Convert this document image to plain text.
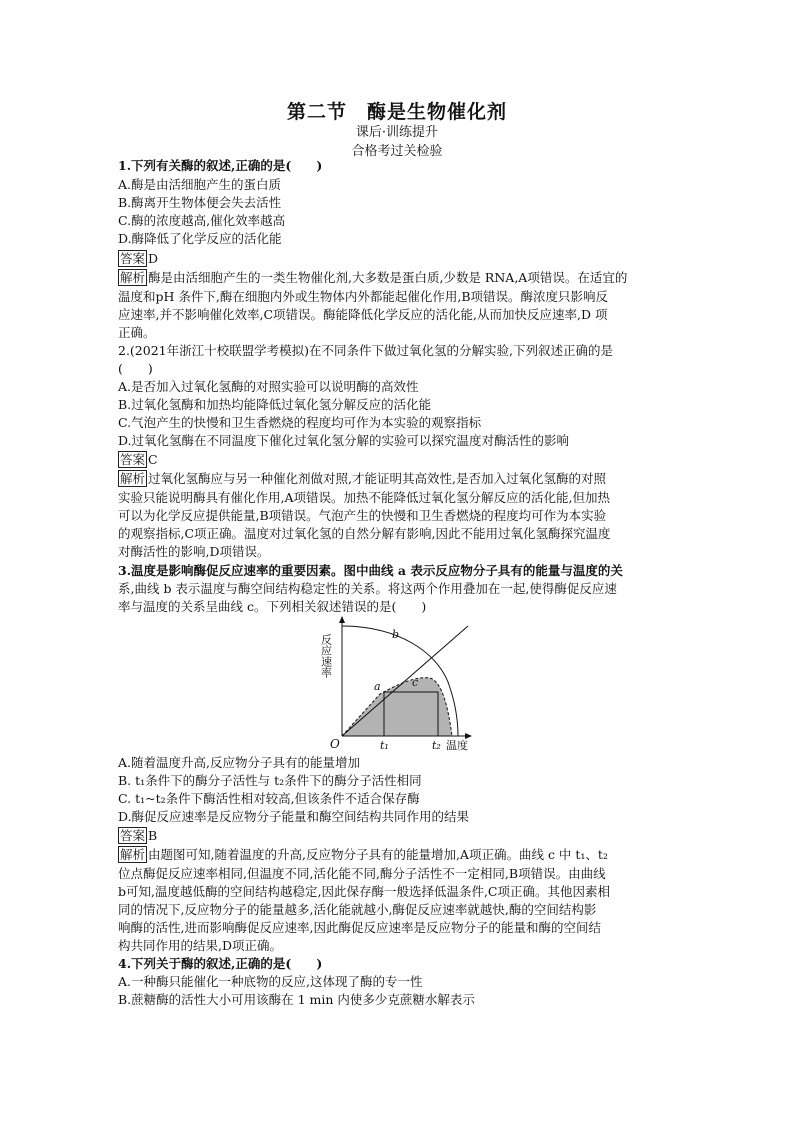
第二节　酶是生物催化剂
课后·训练提升
合格考过关检验
1.下列有关酶的叙述,正确的是(　　)
A.酶是由活细胞产生的蛋白质
B.酶离开生物体便会失去活性
C.酶的浓度越高,催化效率越高
D.酶降低了化学反应的活化能
答案 D
解析 酶是由活细胞产生的一类生物催化剂,大多数是蛋白质,少数是 RNA,A项错误。在适宜的
温度和pH 条件下,酶在细胞内外或生物体内外都能起催化作用,B项错误。酶浓度只影响反
应速率,并不影响催化效率,C项错误。酶能降低化学反应的活化能,从而加快反应速率,D 项
正确。
2.(2021年浙江十校联盟学考模拟)在不同条件下做过氧化氢的分解实验,下列叙述正确的是
(　　)
A.是否加入过氧化氢酶的对照实验可以说明酶的高效性
B.过氧化氢酶和加热均能降低过氧化氢分解反应的活化能
C.气泡产生的快慢和卫生香燃烧的程度均可作为本实验的观察指标
D.过氧化氢酶在不同温度下催化过氧化氢分解的实验可以探究温度对酶活性的影响
答案 C
解析 过氧化氢酶应与另一种催化剂做对照,才能证明其高效性,是否加入过氧化氢酶的对照
实验只能说明酶具有催化作用,A项错误。加热不能降低过氧化氢分解反应的活化能,但加热
可以为化学反应提供能量,B项错误。气泡产生的快慢和卫生香燃烧的程度均可作为本实验
的观察指标,C项正确。温度对过氧化氢的自然分解有影响,因此不能用过氧化氢酶探究温度
对酶活性的影响,D项错误。
3.温度是影响酶促反应速率的重要因素。图中曲线 a 表示反应物分子具有的能量与温度的关
系,曲线 b 表示温度与酶空间结构稳定性的关系。将这两个作用叠加在一起,使得酶促反应速
率与温度的关系呈曲线 c。下列相关叙述错误的是(　　)
反应速率	b
a	c
O	t₁	t₂ 温度
A.随着温度升高,反应物分子具有的能量增加
B. t₁条件下的酶分子活性与 t₂条件下的酶分子活性相同
C. t₁~t₂条件下酶活性相对较高,但该条件不适合保存酶
D.酶促反应速率是反应物分子能量和酶空间结构共同作用的结果
答案 B
解析 由题图可知,随着温度的升高,反应物分子具有的能量增加,A项正确。曲线 c 中 t₁、t₂
位点酶促反应速率相同,但温度不同,活化能不同,酶分子活性不一定相同,B项错误。由曲线
b可知,温度越低酶的空间结构越稳定,因此保存酶一般选择低温条件,C项正确。其他因素相
同的情况下,反应物分子的能量越多,活化能就越小,酶促反应速率就越快,酶的空间结构影
响酶的活性,进而影响酶促反应速率,因此酶促反应速率是反应物分子的能量和酶的空间结
构共同作用的结果,D项正确。
4.下列关于酶的叙述,正确的是(　　)
A.一种酶只能催化一种底物的反应,这体现了酶的专一性
B.蔗糖酶的活性大小可用该酶在 1 min 内使多少克蔗糖水解表示
